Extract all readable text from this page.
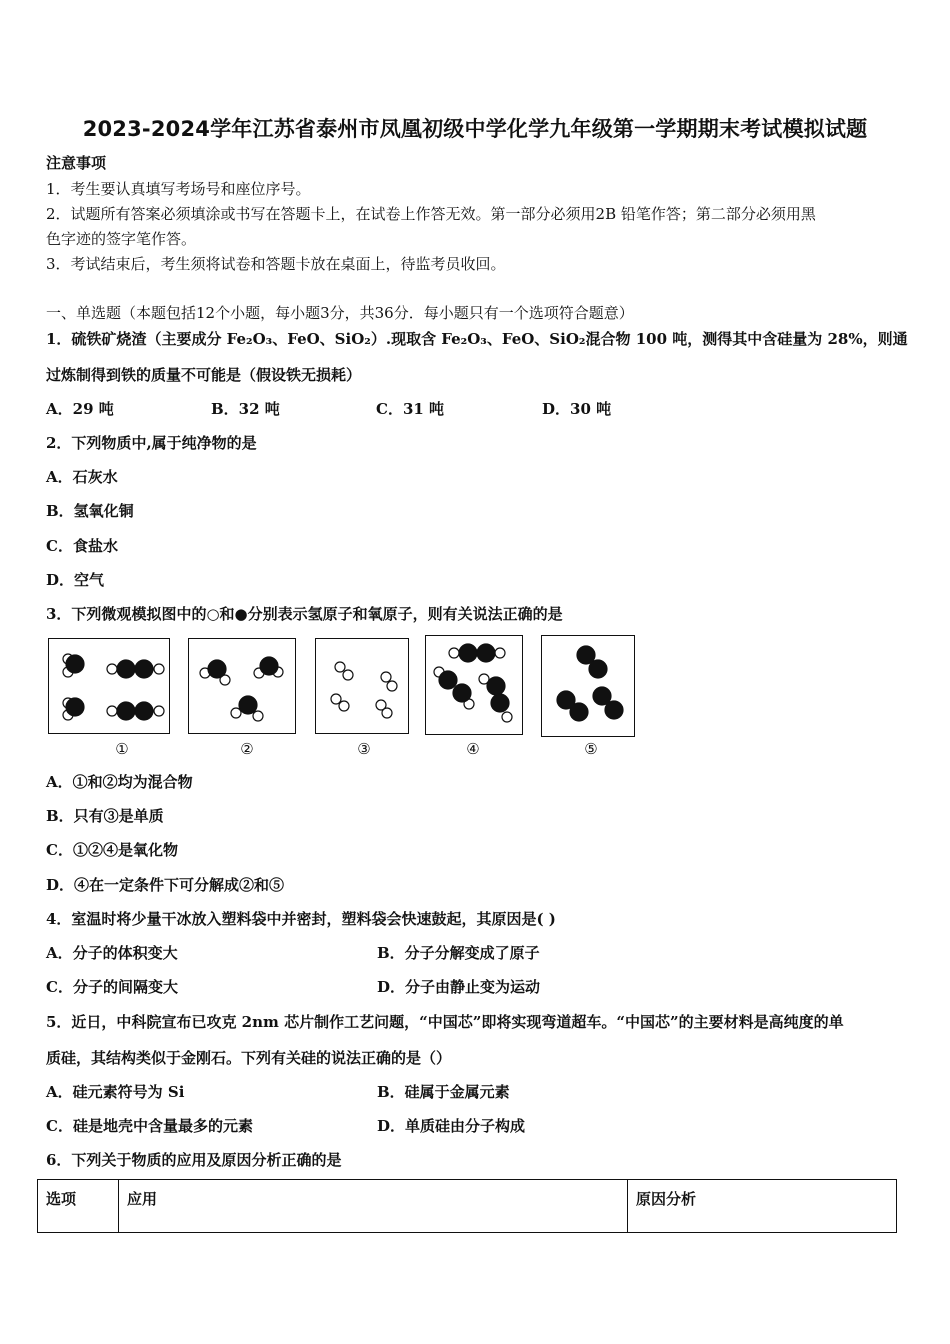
2023-2024学年江苏省泰州市凤凰初级中学化学九年级第一学期期末考试模拟试题
注意事项
1．考生要认真填写考场号和座位序号。
2．试题所有答案必须填涂或书写在答题卡上，在试卷上作答无效。第一部分必须用2B 铅笔作答；第二部分必须用黑
色字迹的签字笔作答。
3．考试结束后，考生须将试卷和答题卡放在桌面上，待监考员收回。
一、单选题（本题包括12个小题，每小题3分，共36分．每小题只有一个选项符合题意）
1．硫铁矿烧渣（主要成分 Fe₂O₃、FeO、SiO₂）.现取含 Fe₂O₃、FeO、SiO₂混合物 100 吨，测得其中含硅量为 28%，则通
过炼制得到铁的质量不可能是（假设铁无损耗）
A．29 吨	B．32 吨	C．31 吨	D．30 吨
2．下列物质中,属于纯净物的是
A．石灰水
B．氢氧化铜
C．食盐水
D．空气
3．下列微观模拟图中的○和●分别表示氢原子和氧原子，则有关说法正确的是
①	②	③	④	⑤
A．①和②均为混合物
B．只有③是单质
C．①②④是氧化物
D．④在一定条件下可分解成②和⑤
4．室温时将少量干冰放入塑料袋中并密封，塑料袋会快速鼓起，其原因是( )
A．分子的体积变大	B．分子分解变成了原子
C．分子的间隔变大	D．分子由静止变为运动
5．近日，中科院宣布已攻克 2nm 芯片制作工艺问题，“中国芯”即将实现弯道超车。“中国芯”的主要材料是高纯度的单
质硅，其结构类似于金刚石。下列有关硅的说法正确的是（）
A．硅元素符号为 Si	B．硅属于金属元素
C．硅是地壳中含量最多的元素	D．单质硅由分子构成
6．下列关于物质的应用及原因分析正确的是
选项	应用	原因分析
